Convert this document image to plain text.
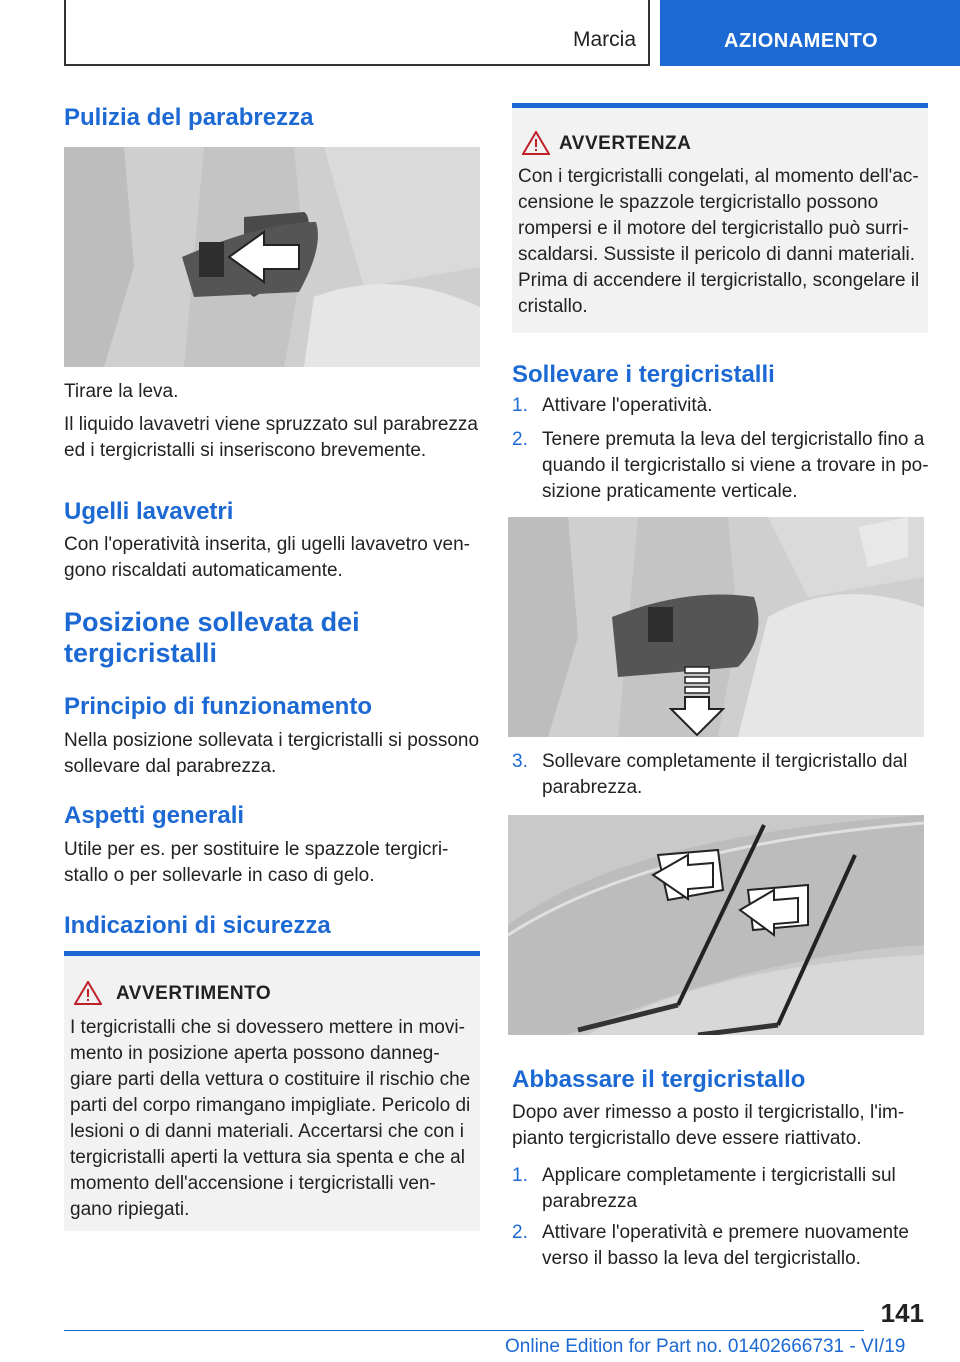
Marcia	AZIONAMENTO
Pulizia del parabrezza

Tirare la leva.

Il liquido lavavetri viene spruzzato sul parabrezza

ed i tergicristalli si inseriscono brevemente.

Ugelli lavavetri

Con l'operatività inserita, gli ugelli lavavetro ven‐

gono riscaldati automaticamente.

Posizione sollevata dei
tergicristalli
Principio di funzionamento

Nella posizione sollevata i tergicristalli si possono

sollevare dal parabrezza.

Aspetti generali

Utile per es. per sostituire le spazzole tergicri‐

stallo o per sollevarle in caso di gelo.

Indicazioni di sicurezza
AVVERTIMENTO
I tergicristalli che si dovessero mettere in movi‐
mento in posizione aperta possono danneg‐
giare parti della vettura o costituire il rischio che
parti del corpo rimangano impigliate. Pericolo di
lesioni o di danni materiali. Accertarsi che con i
tergicristalli aperti la vettura sia spenta e che al
momento dell'accensione i tergicristalli ven‐
gano ripiegati.
AVVERTENZA
Con i tergicristalli congelati, al momento dell'ac‐
censione le spazzole tergicristallo possono
rompersi e il motore del tergicristallo può surri‐
scaldarsi. Sussiste il pericolo di danni materiali.
Prima di accendere il tergicristallo, scongelare il
cristallo.
Sollevare i tergicristalli
1. Attivare l'operatività.
2. Tenere premuta la leva del tergicristallo fino a
quando il tergicristallo si viene a trovare in po‐
sizione praticamente verticale.
3. Sollevare completamente il tergicristallo dal
parabrezza.
Abbassare il tergicristallo

Dopo aver rimesso a posto il tergicristallo, l'im‐

pianto tergicristallo deve essere riattivato.

1. Applicare completamente i tergicristalli sul
parabrezza
2. Attivare l'operatività e premere nuovamente
verso il basso la leva del tergicristallo.
141
Online Edition for Part no. 01402666731 - VI/19
